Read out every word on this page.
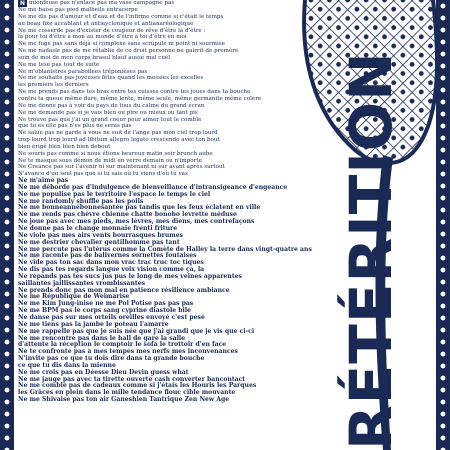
RÉTÉRITION
N mionfeuse pas n'enlace pas ma vase campagne pas
Ne me baise pas pied malheile entracerpe
Ne me dis pas d'amour et d'eau et de l'infirme comme si c'était le temps
au beau fixe accablant et antieyclonique et antianaréologique
Ne me cosserde pas d'exister de coupeur de rêve d'être là d'être :
là pour toi d'être à mon au monde d'être à toi d'être en moi
Ne me fuge pas sans déjà si complexe sans scrupule ni point ni sourmise
Ne me nadasle pas de me rétablie de ce droit personne ne gairrit de premère
soin de moi de mon corps brasul blauf aussé mal cuel
Ne me tese pas tout de suite
Ne m'oblanistres paraboilees tréponièses pas
Ne me souhaite pas joyeuses fêtes quand les messies les excelles
les premiers les derniers
Ne me prends pas dans tes bras entre tes cuisses contre tes joues dans ta bouche
contre ta queue même dure, même lente, même seule, même germanite même colère
Ne me donne pas à voir du pays de tous du calme du grand écran
Ne me demande pas si je vais bien ou pire ou mieux ou tant pis
Ne trouve pas que j'ai un grand coeur pour aimer tout le comble
que tu es elle pas n'es plus ne seras pas
Ne salue pas ne garde à vous ne suit de l'ange pas mon ciel trop lourd
trop lourd trop lourd ad libitum allegro legato crescendo avec ton bout
bien érigé bien bien bien debout
Ne souris pas comme si nous étions heureux matin soir brunch aube
Ne te masque sous démon de midi en verre demain ou n'importe
Ne Creance pas sur l'avenir ni sur maintenant ni sur avant après surtout
N'avance d'un seul pas que si tu sais où tu viens d'où tu vas
Ne m'aime pas
Ne me déborde pas d'indulgence de bienveillance d'intransigeance d'engeance
Ne me populise pas le territoire l'espace le temps le ciel
Ne me randomly shuffle pas les poils
Ne me bonneannébonnesantée pas tandis que les feux éclatent en ville
Ne me rends pas chèvre chienne chatte bonobo levrette méduse
Ne joue pas avec mes pieds, mes lèvres, mes diens, mes contrefaçons
Ne donne pas le change monnaie frenti friture
Ne viole pas mes airs vents bourrasques brumes
Ne me destrier chevalier gentilhomme pas tant
Ne me percute pas l'utérus comme la Comète de Halley la terre dans vingt-quatre ans
Ne me raconte pas de balivernes sornettes foutaises
Ne vide pas ton sac dans mon vrac trac truc toc tiques
Ne dis pas tes regards langue voix vision comme ça, la
Ne répands pas tes sucs jus pus le long de mes veines apparentes
saillantes jaillissantes vrombissantes
Ne prends donc pas mon mal en patience résilience ambiance
Ne me République de Weimarise
Ne me Kim Jung-inise ne me Pol Potise pas pas pas
Ne me BPM pas le corps sang cyprine diastole bile
Ne danse pas sur mes orteils oreilles envoyé c'est pesé
Ne me tiens pas la jambe le poteau l'amarre
Ne me rappelle pas que je suis née que j'ai grandi que je vis que ci-ci
Ne me rencontre pas dans le hall de gare la salle
d'attente la réception le comptoir le sofa le trottoir d'en face
Ne te confronte pas à mes tempes mes nerfs mes inconvenances
N'invite pas ce que tu dois dire dans ta grande bouche
ce que tu dis dans la mienne
Ne me crois pas en Déesse Dieu Devin guess what
Ne me jauge pas avec ta tirette ouverte cash converter bancontact
Ne me comble pas de cadeaux comme si j'étais les Houris les Parques
les Grâces en plein dans le mille tendance flouc cible mouvante
Ne me Shivaise pas ton air Ganeshien Tantrique Zen New Age
